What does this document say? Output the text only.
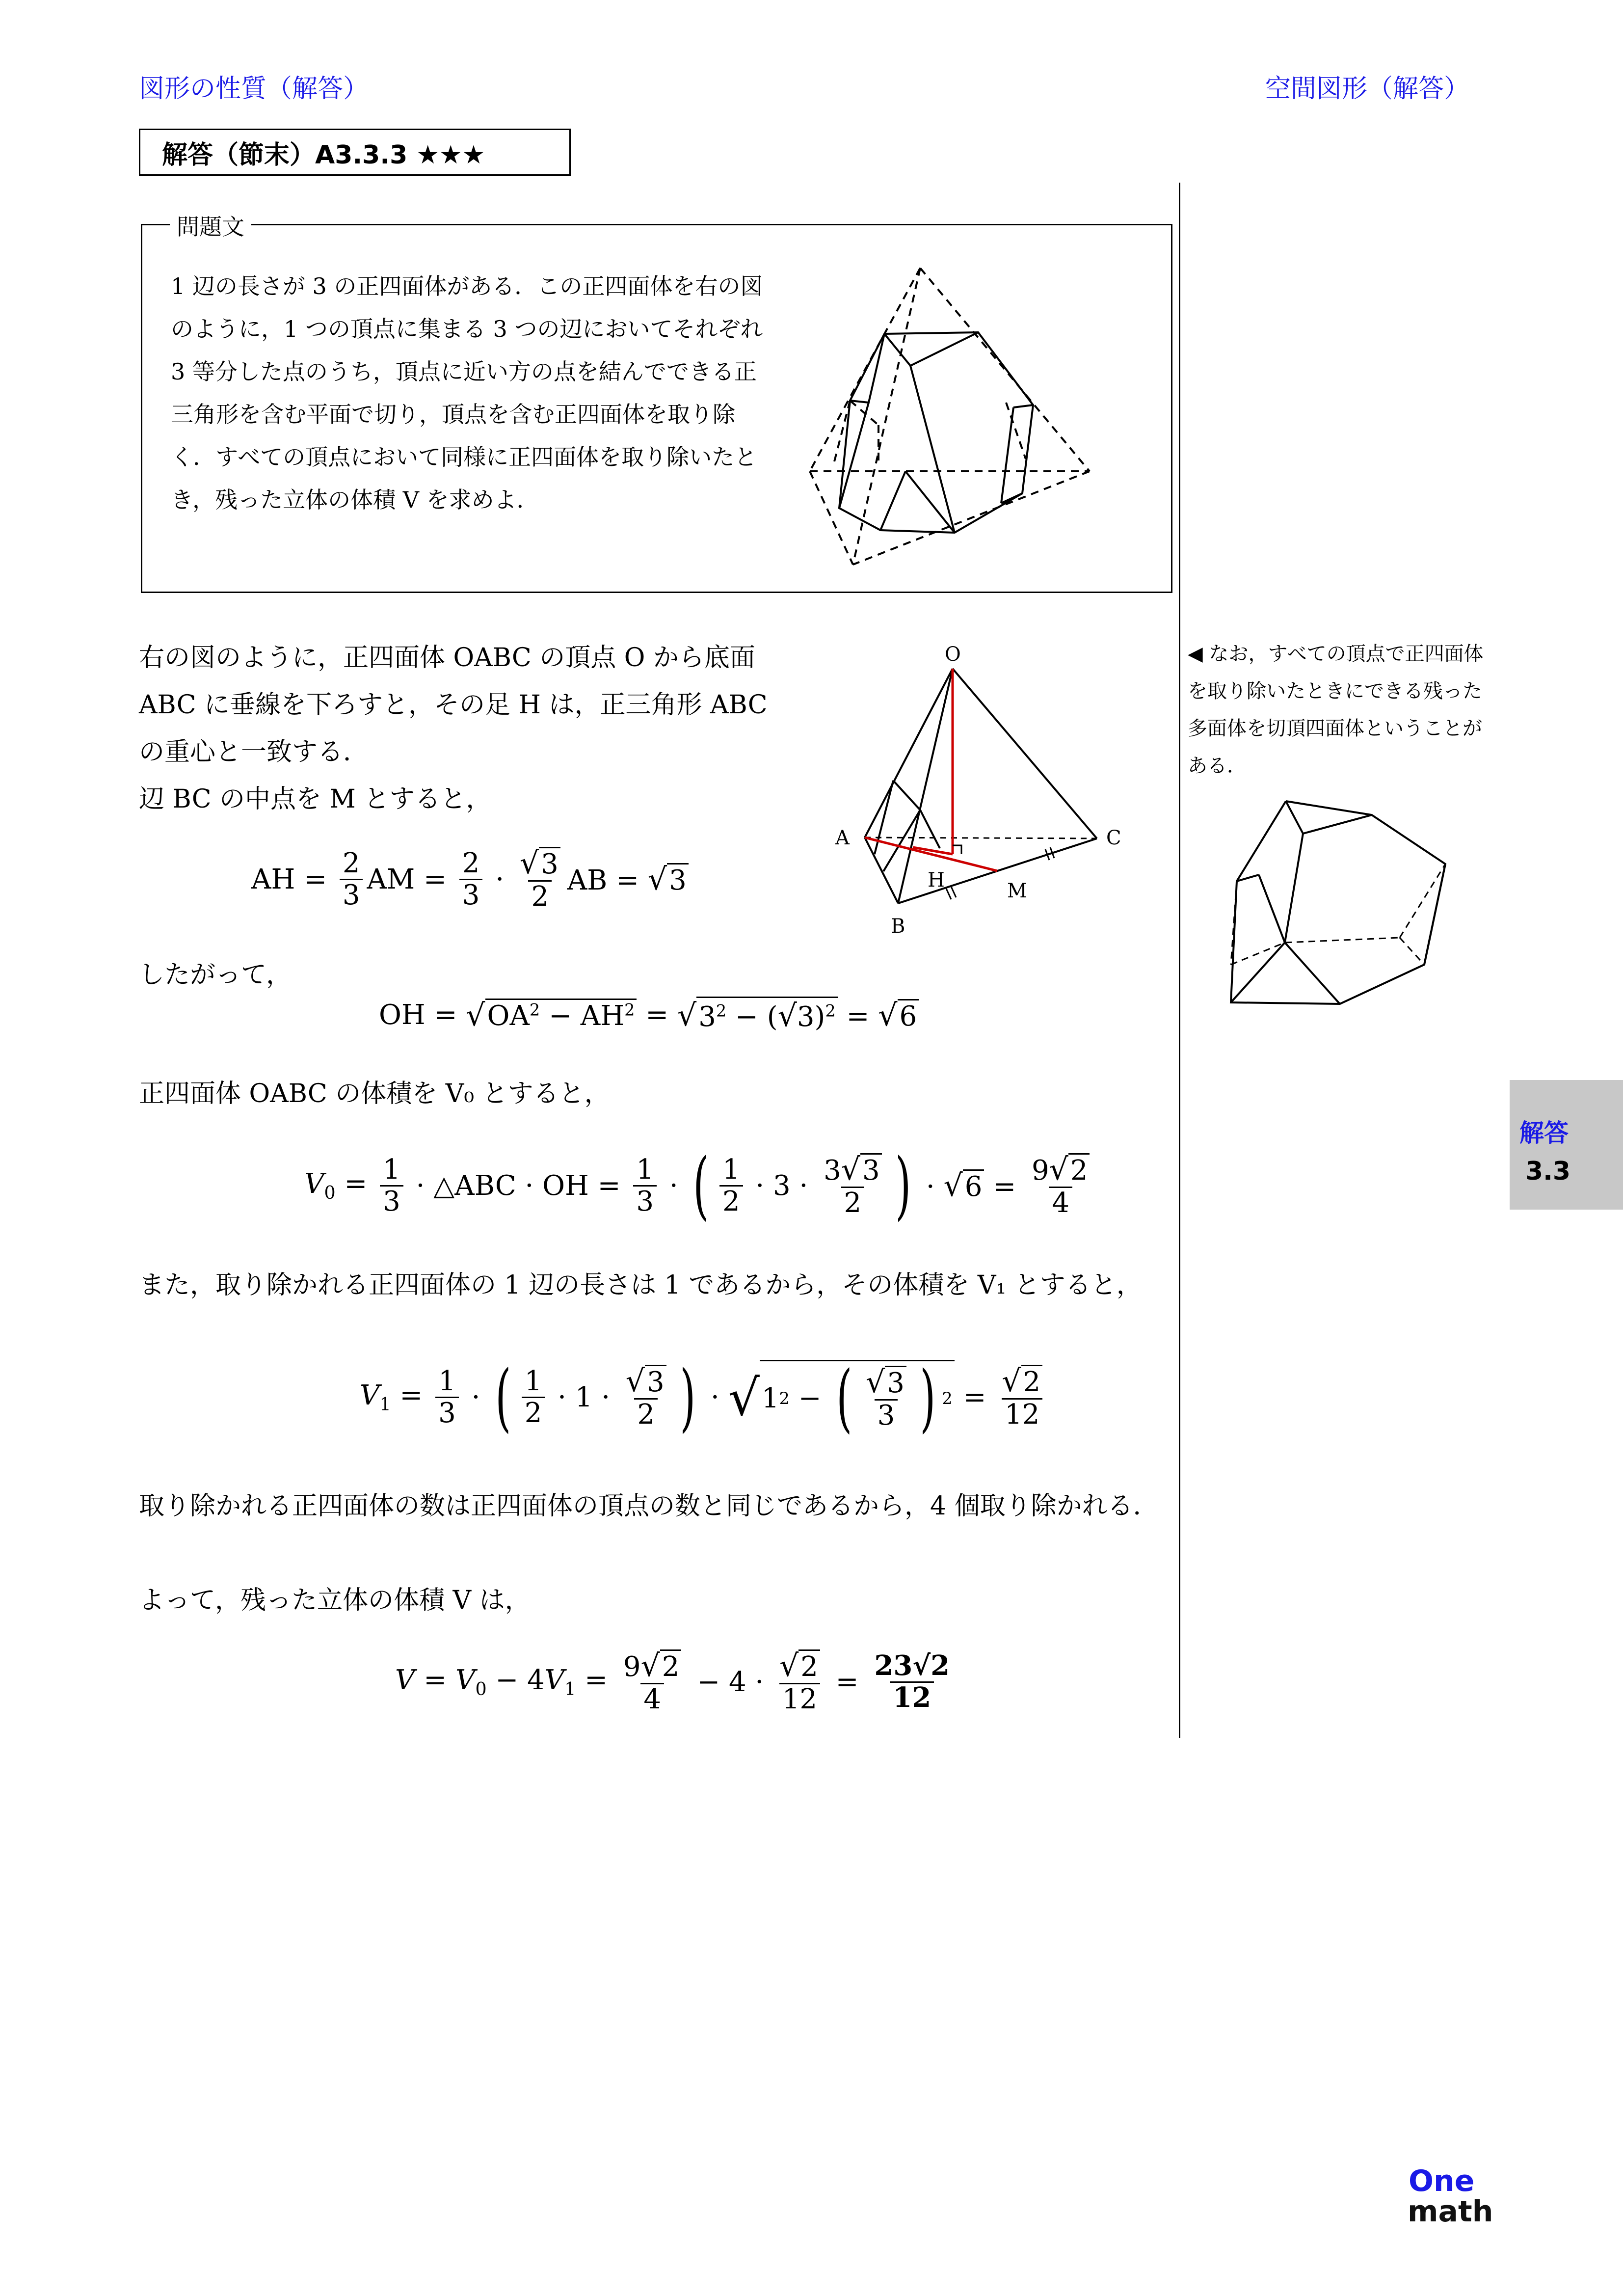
図形の性質（解答）	空間図形（解答）
解答（節末）A3.3.3 ★★★
問題文
1 辺の長さが 3 の正四面体がある．この正四面体を右の図のように，1 つの頂点に集まる 3 つの辺においてそれぞれ 3 等分した点のうち，頂点に近い方の点を結んでできる正三角形を含む平面で切り，頂点を含む正四面体を取り除く．すべての頂点において同様に正四面体を取り除いたとき，残った立体の体積 V を求めよ．
右の図のように，正四面体 OABC の頂点 O から底面 ABC に垂線を下ろすと，その足 H は，正三角形 ABC の重心と一致する．
辺 BC の中点を M とすると，
AH = $\frac{2}{3}$ AM = $\frac{2}{3} \cdot \frac{√3}{2}$ AB = √3
O
A
B
C
H	M
したがって，
OH = √ $OA^2 - AH^2$ = √ $3^2 - (√3)^2 = √6$
正四面体 OABC の体積を V₀ とすると，
$V_0 = \frac{1}{3}$ · △ABC · OH = $\frac{1}{3}$ · ( $\frac{1}{2} \cdot 3 \cdot \frac{3√3}{2}$ ) · $√6 = \frac{9√2}{4}$
また，取り除かれる正四面体の 1 辺の長さは 1 であるから，その体積を V₁ とすると，
$V_1 = \frac{1}{3}$ · ( $\frac{1}{2} \cdot 1 \cdot \frac{√3}{2}$ ) · √ 1 2 − ( $\frac{√3}{3}$ ) $2 = \frac{√2}{12}$
取り除かれる正四面体の数は正四面体の頂点の数と同じであるから，4 個取り除かれる．
よって，残った立体の体積 V は，
$V = V_0 - 4V_1 = \frac{9√2}{4} - 4 \cdot \frac{√2}{12} = \frac{23√2}{12}$
◀ なお，すべての頂点で正四面体を取り除いたときにできる残った多面体を切頂四面体ということがある．
解答
3.3
One
math
